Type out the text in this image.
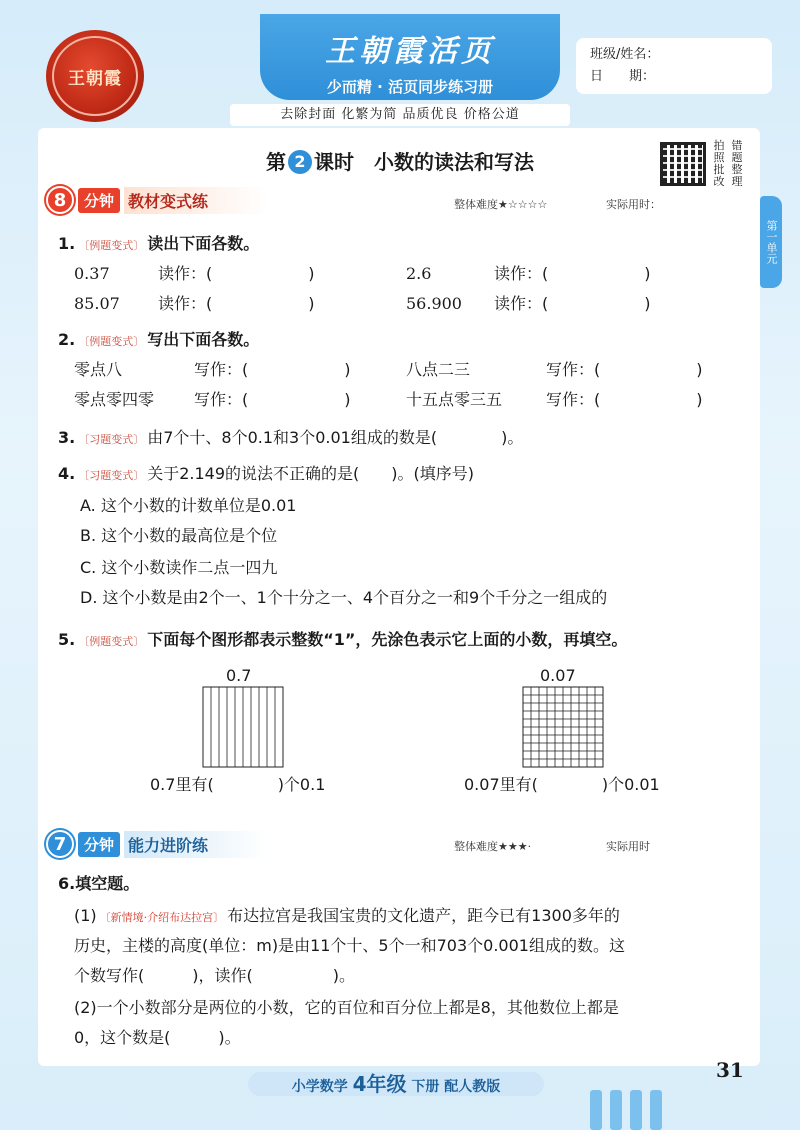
王朝霞
王朝霞活页
少而精 · 活页同步练习册
班级/姓名：
日　　期：
去除封面 化繁为简 品质优良 价格公道
第 2 课时　小数的读法和写法
拍 错
照 题
批 整
改 理
第一单元
8	分钟 教材变式练	整体难度★☆☆☆☆	实际用时：
1. 〔例题变式〕 读出下面各数。
0.37	读作：(　　　　　　)	2.6	读作：(　　　　　　)
85.07 读作：(　　　　　　)	56.900 读作：(　　　　　　)
2. 〔例题变式〕 写出下面各数。
零点八	写作：(　　　　　　)	八点二三	写作：(　　　　　　)
零点零四零 写作：(　　　　　　)	十五点零三五	写作：(　　　　　　)
3. 〔习题变式〕 由7个十、8个0.1和3个0.01组成的数是(　　　　)。
4. 〔习题变式〕 关于2.149的说法不正确的是(　　)。(填序号)
A. 这个小数的计数单位是0.01
B. 这个小数的最高位是个位
C. 这个小数读作二点一四九
D. 这个小数是由2个一、1个十分之一、4个百分之一和9个千分之一组成的
5. 〔例题变式〕 下面每个图形都表示整数“1”，先涂色表示它上面的小数，再填空。
0.7
0.7里有(　　　　)个0.1
0.07
0.07里有(　　　　)个0.01
7	分钟 能力进阶练	整体难度★★★·	实际用时
6.填空题。
(1) 〔新情境·介绍布达拉宫〕 布达拉宫是我国宝贵的文化遗产，距今已有1300多年的
历史，主楼的高度(单位：m)是由11个十、5个一和703个0.001组成的数。这
个数写作(　　　)，读作(　　　　　)。
(2)一个小数部分是两位的小数，它的百位和百分位上都是8，其他数位上都是
0，这个数是(　　　)。
小学数学 4年级 下册 配人教版
31
